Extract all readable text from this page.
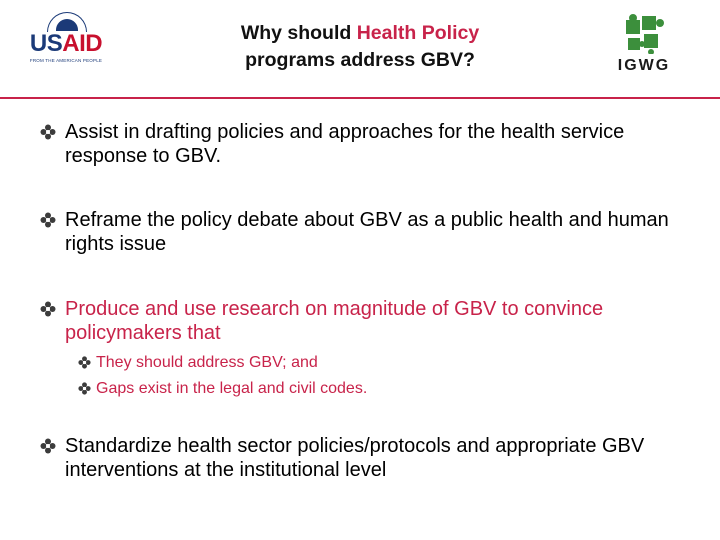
USAID
FROM THE AMERICAN PEOPLE
Why should Health Policy
programs address GBV?	IGWG
Assist in drafting policies and approaches for the health service response to GBV.
Reframe the policy debate about GBV as a public health and human rights issue
Produce and use research on magnitude of GBV to convince policymakers that
They should address GBV; and
Gaps exist in the legal and civil codes.
Standardize health sector policies/protocols and appropriate GBV interventions at the institutional level
